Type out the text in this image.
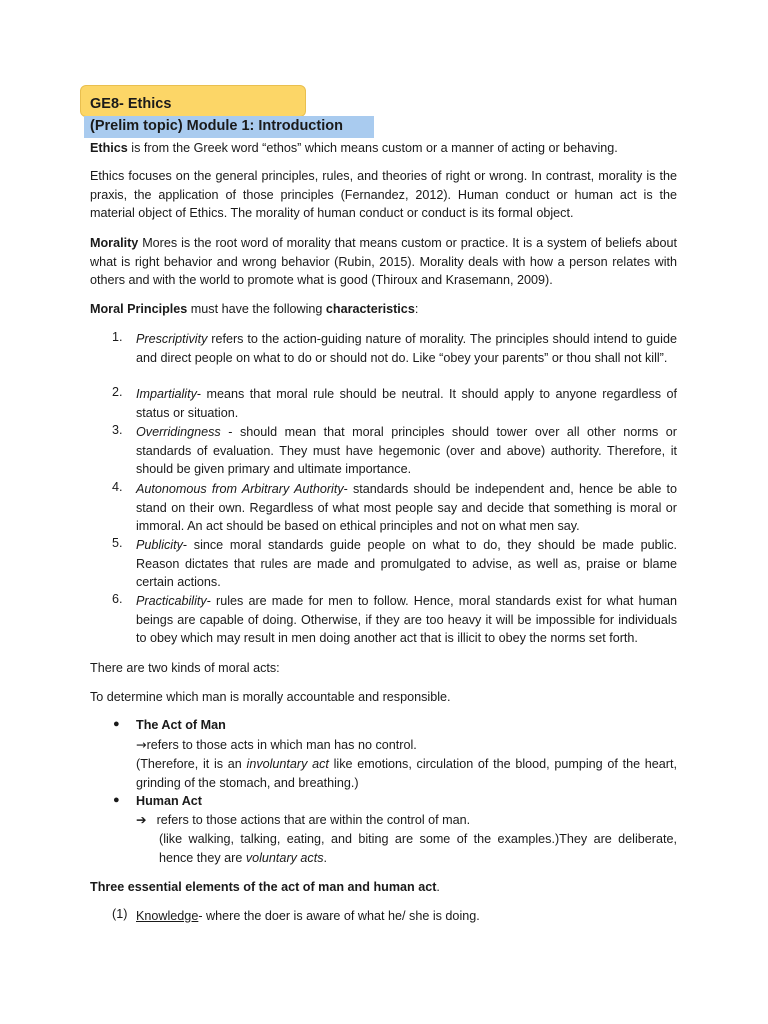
GE8- Ethics
(Prelim topic) Module 1: Introduction

Ethics is from the Greek word “ethos” which means custom or a manner of acting or behaving.

Ethics focuses on the general principles, rules, and theories of right or wrong. In contrast, morality is the praxis, the application of those principles (Fernandez, 2012). Human conduct or human act is the material object of Ethics. The morality of human conduct or conduct is its formal object.

Morality Mores is the root word of morality that means custom or practice. It is a system of beliefs about what is right behavior and wrong behavior (Rubin, 2015). Morality deals with how a person relates with others and with the world to promote what is good (Thiroux and Krasemann, 2009).

Moral Principles must have the following characteristics:

1. Prescriptivity refers to the action-guiding nature of morality. The principles should intend to guide and direct people on what to do or should not do. Like “obey your parents” or thou shall not kill”.
2. Impartiality- means that moral rule should be neutral. It should apply to anyone regardless of status or situation.
3. Overridingness - should mean that moral principles should tower over all other norms or standards of evaluation. They must have hegemonic (over and above) authority. Therefore, it should be given primary and ultimate importance.
4. Autonomous from Arbitrary Authority- standards should be independent and, hence be able to stand on their own. Regardless of what most people say and decide that something is moral or immoral. An act should be based on ethical principles and not on what men say.
5. Publicity- since moral standards guide people on what to do, they should be made public. Reason dictates that rules are made and promulgated to advise, as well as, praise or blame certain actions.
6. Practicability- rules are made for men to follow. Hence, moral standards exist for what human beings are capable of doing. Otherwise, if they are too heavy it will be impossible for individuals to obey which may result in men doing another act that is illicit to obey the norms set forth.

There are two kinds of moral acts:

To determine which man is morally accountable and responsible.

● The Act of Man
→refers to those acts in which man has no control.
(Therefore, it is an involuntary act like emotions, circulation of the blood, pumping of the heart, grinding of the stomach, and breathing.)
● Human Act
➔ refers to those actions that are within the control of man.
(like walking, talking, eating, and biting are some of the examples.)They are deliberate, hence they are voluntary acts.

Three essential elements of the act of man and human act.

(1) Knowledge- where the doer is aware of what he/ she is doing.
